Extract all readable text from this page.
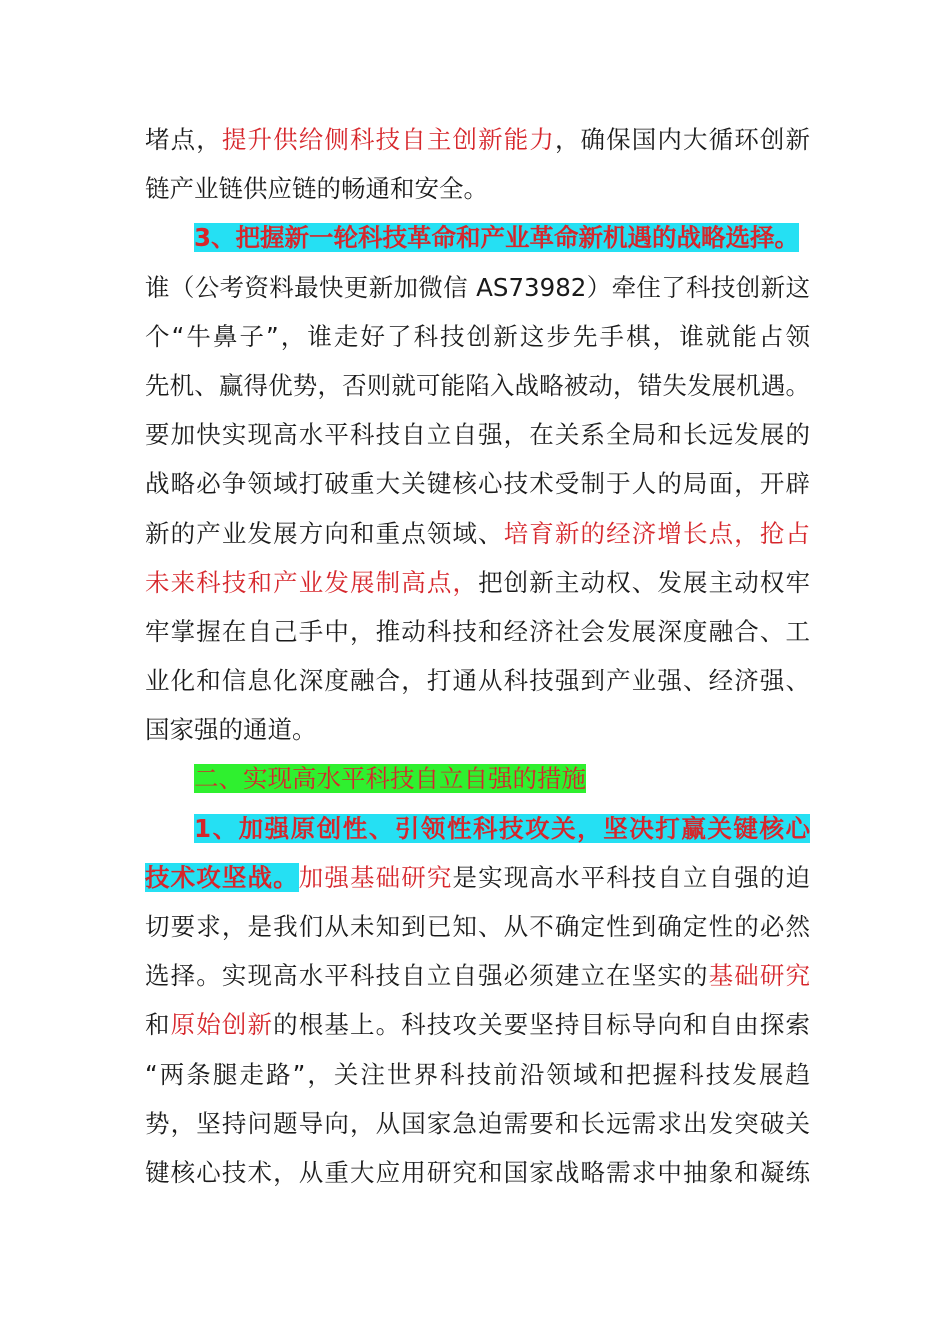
堵点，提升供给侧科技自主创新能力，确保国内大循环创新
链产业链供应链的畅通和安全。
3、把握新一轮科技革命和产业革命新机遇的战略选择。
谁（公考资料最快更新加微信 AS73982）牵住了科技创新这
个“牛鼻子”，谁走好了科技创新这步先手棋，谁就能占领
先机、赢得优势，否则就可能陷入战略被动，错失发展机遇。
要加快实现高水平科技自立自强，在关系全局和长远发展的
战略必争领域打破重大关键核心技术受制于人的局面，开辟
新的产业发展方向和重点领域、培育新的经济增长点，抢占
未来科技和产业发展制高点，把创新主动权、发展主动权牢
牢掌握在自己手中，推动科技和经济社会发展深度融合、工
业化和信息化深度融合，打通从科技强到产业强、经济强、
国家强的通道。
二、实现高水平科技自立自强的措施
1、加强原创性、引领性科技攻关，坚决打赢关键核心
技术攻坚战。加强基础研究是实现高水平科技自立自强的迫
切要求，是我们从未知到已知、从不确定性到确定性的必然
选择。实现高水平科技自立自强必须建立在坚实的基础研究
和原始创新的根基上。科技攻关要坚持目标导向和自由探索
“两条腿走路”，关注世界科技前沿领域和把握科技发展趋
势，坚持问题导向，从国家急迫需要和长远需求出发突破关
键核心技术，从重大应用研究和国家战略需求中抽象和凝练
